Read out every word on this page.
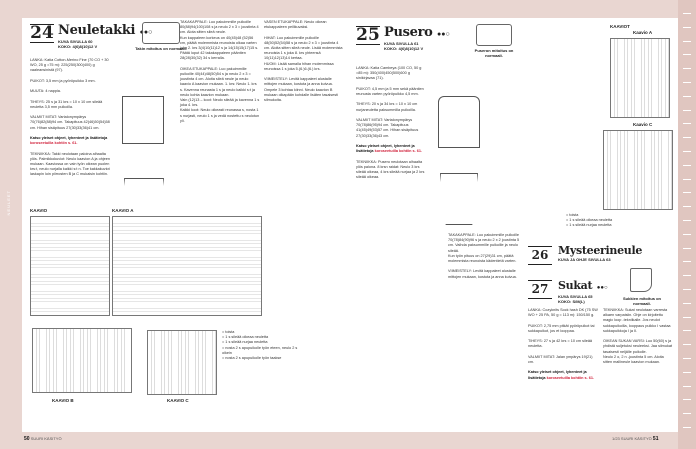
NEULEET
24 Neuletakki ●●○
KUVA SIVULLA 60
KOKO: 4(6)8(10)12 V	Takin mitoitus on normaali.

LANKA: Katia Cotton-Merino Fine (70 CO + 30 WO, 25 g =75 m): 225(250)300(400) g vaaleansinistä (97).

PUIKOT: 3,5 mm ja pyöröpuikko 3 mm.

MUUTA: 4 nappia.

TIHEYS: 25 s ja 31 krs = 10 x 10 cm sileää neuletta 3,5 mm puikoilla.

VALMIIT MITAT: Vartalonympärys 70(76)82(88)94 cm. Takapituus 42(46)50(54)58 cm. Hihan sisäpituus 27(30)33(36)41 cm.

Katso yleiset ohjeet, lyhenteet ja lisätietoja koroseetuilla kohtiin s. 61.

TEKNIIKKA: Takki neulotaan paloina alhaalta ylös. Palmikkokuviot: Neulo kaavion A ja ohjeen mukaan. Kaaviossa on vain työn oikean puolen krs:t, neulo nurjalla kaikki s:t n. Toe kakkakuviot laskapin loin piirrosten B ja C mukaisin kohtiin.

TAKAKAPPALE: Luo pakuimmille puikoille 80(88)94(100)108 s ja neulo 2 x 3 = joustinta 4 cm. Alota sitten sileä neule.

Kun kappaleen korkeus on 40(45)48 (52)56 cm, päätä molemmista reunoista olkaa varten joka 2. krs 3(4)10(11)12 s ja 14(15)15(17)15 s. Päätä loput 42 takakappaleen pääntien 28(28)30(32) 34 s kerralla.

OIKEA ETUKAPPALE: Luo pakuimmille puikoille 40(44)48(50)54 s ja neulo 2 x 3 = joustinta 4 cm. Aloita sileä neule ja neulo kaavio A kaavion mukaan. 1. krs: Neulo 1. krs s. Kavenna reunasta 1 s ja neulo kaikki s:t ja neulo kohta kaavion mukaan.

Vain (12)13 – koot: Neulo sileää ja kavenna 1 s joka 4. krs.

Kaikki koot: Neulo oikeasti reunassa s, nosta 1 s nurjasti, neulo 1 s ja vedä nostettu s neulotun yli.

VASEN ETUKAPPALE: Neulo oikean etukappaleen peilikuvaksi.

HIHAT: Luo pakuimmille puikoille 48(50)52(54)58 s ja neulo 2 x 3 = joustinta 4 cm. Aloita sitten sileä neule. Lisää molemmista reunoista 1 s joka 8. krs yhteensä 10(11)12(13)14 kertaa.

HUOM: Lisää samalla hihan molemmissa reunoissa 1 s joka 5.(6.)6.(6.) krs.

VIIMEISTELY: Levitä kappaleet alustalle mittojen mukaan, kostuta ja anna kuivua.

Ompele 3 kohtaa kiinni. Neulo kaavion B mukaan olkapään kohdalle lisäten tasaisesti silmukoita.

KAAVIO	KAAVIO A
KAAVIO B	KAAVIO C

= toista

= 1 s sileää oikeaa neuletta

= 1 s sileää nurjaa neuletta

= nosta 2 s apupuikolle työn eteen, neulo 2 s oikein

= nosta 2 s apupuikolle työn taakse

25 Pusero ●●○
KUVA SIVULLA 61
KOKO: 4(6)8(10)12 V	Puseron mitoitus on normaali.

LANKA: Katia Cambeya (100 CO, 50 g =85 m): 350(400)450(500)600 g sinikirjavaa (71).

PUIKOT: 4,5 mm ja 5 mm sekä pääntien reunusta varten pyöröpuikko 4,5 mm.

TIHEYS: 20 s ja 34 krs = 10 x 10 cm nurjaneuletta paksummilla puikoilla.

VALMIIT MITAT: Vartalonympärys 70(78)86(95)94 cm. Takapituus 41(45)49(53)57 cm. Hihan sisäpituus 27(30)33(36)43 cm.

Katso yleiset ohjeet, lyhenteet ja lisätietoja koroseetuilla kohtiin s. 61.

TEKNIIKKA: Pusero neulotaan alhaalta ylös palona. 8 krsn raidat: Neulo 3 krs sileää oikeaa, 4 krs sileää nurjaa ja 2 krs sileää oikeaa.

KAAVIOT
Kaavio A
Kaavio C

= toista

= 1 s sileää oikeaa neuletta

= 1 s sileää nurjaa neuletta

TAKAKAPPALE: Luo pakuimmille puikoille 70(78)84(90)96 s ja neulo 2 x 2 joustinta 5 cm. Vaihda paksummille puikoille ja neulo sileää.

Kun työn pituus on 27(29)31 cm, päätä molemmista reunoista kädentietä varten.

VIIMEISTELY: Levitä kappaleet alustalle mittojen mukaan, kostuta ja anna kuivua.

26 Mysteerineule
KUVA JA OHJE SIVULLA 63
27 Sukat ●●○
KUVA SIVULLA 65
KOKO: S/M(L)
Sukkien mitoitus on normaali.

LANKA: Cozyknits Sock hash DK (75 SW WO + 25 PA, 50 g = 113 m): 150/150 g.

PUIKOT: 2,75 mm pitkät pyöröpuikot tai sukkapuikot, jos et looppaa.

TIHEYS: 27 s ja 42 krs = 10 cm sileää neuletta.

VALMIIT MITAT: Jalan ympärys 19(21) cm.

Katso yleiset ohjeet, lyhenteet ja lisätietoja koroseetuilla kohtiin s. 61.

TEKNIIKKA: Sukat neulotaan varresta alkaen varpaisiin. Ohje on kirjoitettu magic loop -tekniikalle. Jos neulot sukkapuikoilla, looppaus puikko I vastaa sukkapuikkoja I ja II.

OIKEAN SUKAN VARSI: Luo 50(60) s ja yhdistä suljetuksi neuleeksi. Jaa silmukat tasaisesti neljälle puikolle.

Neulo 2 o, 2 n -joustinta 5 cm. Aloita sitten mallineule kaavion mukaan.

50 SUURI KÄSITYÖ	1/23 SUURI KÄSITYÖ 51
